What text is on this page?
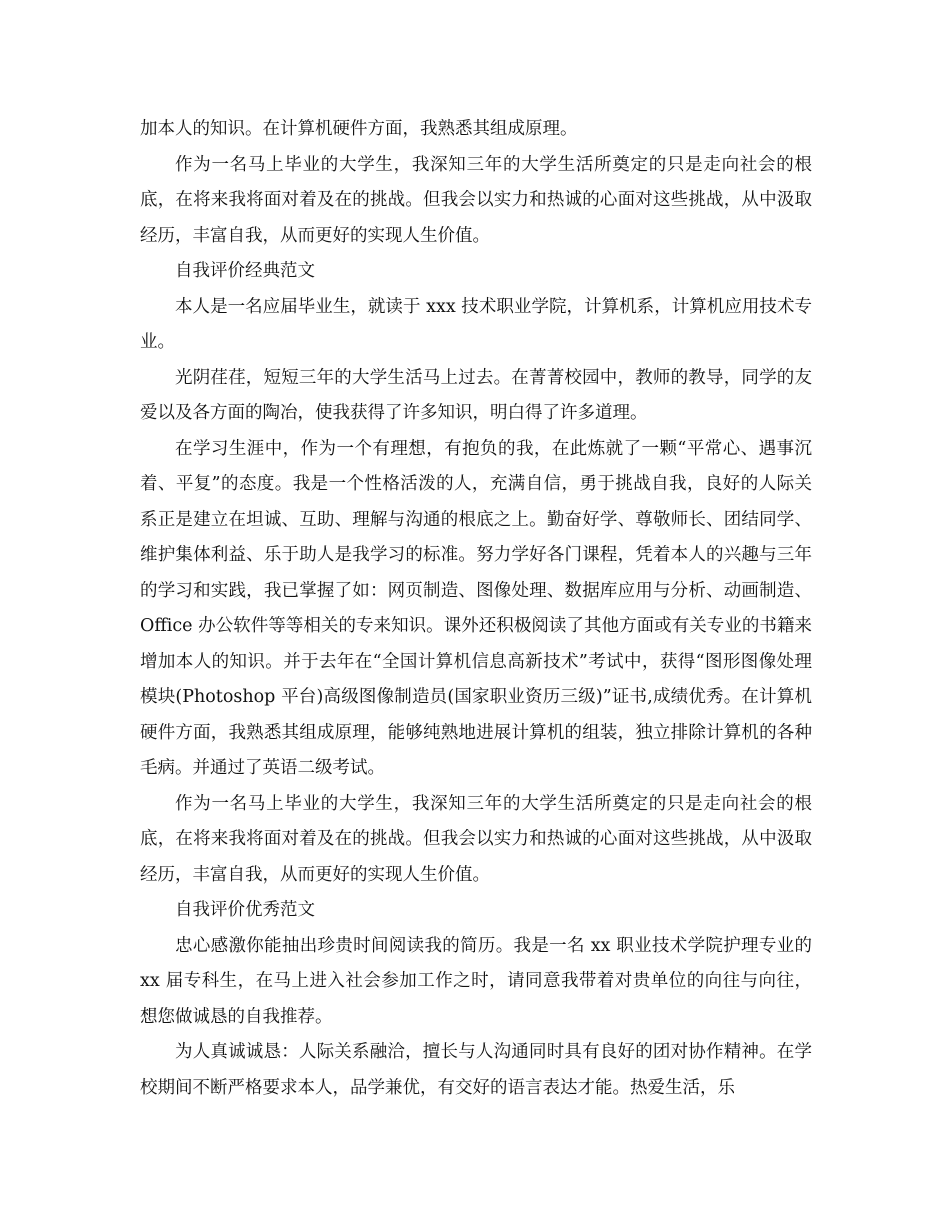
加本人的知识。在计算机硬件方面，我熟悉其组成原理。

作为一名马上毕业的大学生，我深知三年的大学生活所奠定的只是走向社会的根底，在将来我将面对着及在的挑战。但我会以实力和热诚的心面对这些挑战，从中汲取经历，丰富自我，从而更好的实现人生价值。

自我评价经典范文

本人是一名应届毕业生，就读于 xxx 技术职业学院，计算机系，计算机应用技术专业。

光阴荏荏，短短三年的大学生活马上过去。在菁菁校园中，教师的教导，同学的友爱以及各方面的陶冶，使我获得了许多知识，明白得了许多道理。

在学习生涯中，作为一个有理想，有抱负的我，在此炼就了一颗“平常心、遇事沉着、平复”的态度。我是一个性格活泼的人，充满自信，勇于挑战自我，良好的人际关系正是建立在坦诚、互助、理解与沟通的根底之上。勤奋好学、尊敬师长、团结同学、维护集体利益、乐于助人是我学习的标准。努力学好各门课程，凭着本人的兴趣与三年的学习和实践，我已掌握了如：网页制造、图像处理、数据库应用与分析、动画制造、Office 办公软件等等相关的专来知识。课外还积极阅读了其他方面或有关专业的书籍来增加本人的知识。并于去年在“全国计算机信息高新技术”考试中，获得“图形图像处理模块(Photoshop 平台)高级图像制造员(国家职业资历三级)”证书,成绩优秀。在计算机硬件方面，我熟悉其组成原理，能够纯熟地进展计算机的组装，独立排除计算机的各种毛病。并通过了英语二级考试。

作为一名马上毕业的大学生，我深知三年的大学生活所奠定的只是走向社会的根底，在将来我将面对着及在的挑战。但我会以实力和热诚的心面对这些挑战，从中汲取经历，丰富自我，从而更好的实现人生价值。

自我评价优秀范文

忠心感激你能抽出珍贵时间阅读我的简历。我是一名 xx 职业技术学院护理专业的 xx 届专科生，在马上进入社会参加工作之时，请同意我带着对贵单位的向往与向往，想您做诚恳的自我推荐。

为人真诚诚恳：人际关系融洽，擅长与人沟通同时具有良好的团对协作精神。在学校期间不断严格要求本人，品学兼优，有交好的语言表达才能。热爱生活，乐
